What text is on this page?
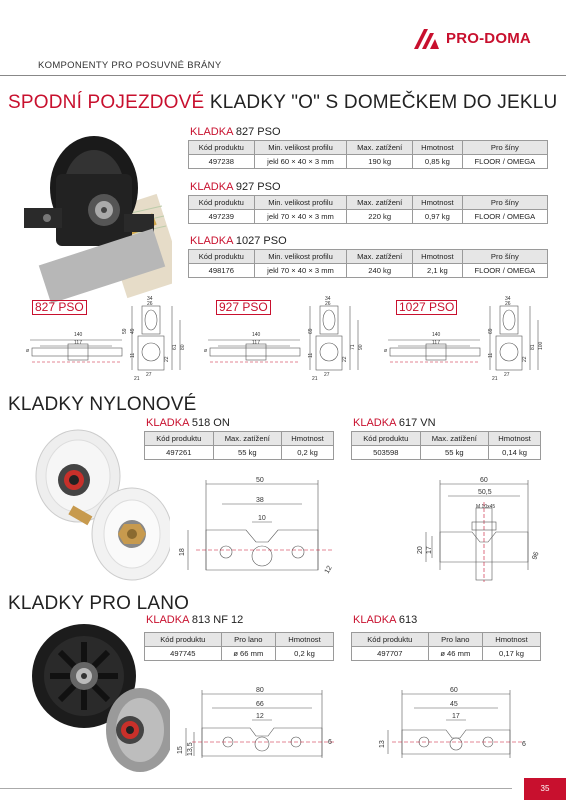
PRO-DOMA
KOMPONENTY PRO POSUVNÉ BRÁNY
SPODNÍ POJEZDOVÉ KLADKY "O" S DOMEČKEM DO JEKLU
KLADKA 827 PSO
Kód produktu	Min. velikost profilu	Max. zatížení	Hmotnost	Pro šíny
497238	jekl 60 × 40 × 3 mm	190 kg	0,85 kg	FLOOR / OMEGA
KLADKA 927 PSO
Kód produktu	Min. velikost profilu	Max. zatížení	Hmotnost	Pro šíny
497239	jekl 70 × 40 × 3 mm	220 kg	0,97 kg	FLOOR / OMEGA
KLADKA 1027 PSO
Kód produktu	Min. velikost profilu	Max. zatížení	Hmotnost	Pro šíny
498176	jekl 70 × 40 × 3 mm	240 kg	2,1 kg	FLOOR / OMEGA
827 PSO
140
117
59 49
34
26
61 80
11
22
27
21
ø
927 PSO
140
117
69
34
26
71 90
11
22
27
21
ø
1027 PSO
140
117
69
34
26
81 100
11
22
27
21
ø
KLADKY NYLONOVÉ
KLADKA 518 ON
Kód produktu	Max. zatížení	Hmotnost
497261	55 kg	0,2 kg
KLADKA 617 VN
Kód produktu	Max. zatížení	Hmotnost
503598	55 kg	0,14 kg
50
38
10
18
12
60
50,5
M 10x45
20 17
96
KLADKY PRO LANO
KLADKA 813 NF 12
Kód produktu	Pro lano	Hmotnost
497745	ø 66 mm	0,2 kg
KLADKA 613
Kód produktu	Pro lano	Hmotnost
497707	ø 46 mm	0,17 kg
80
66
12
15 13,5	6
60
45
17
13	6
35
